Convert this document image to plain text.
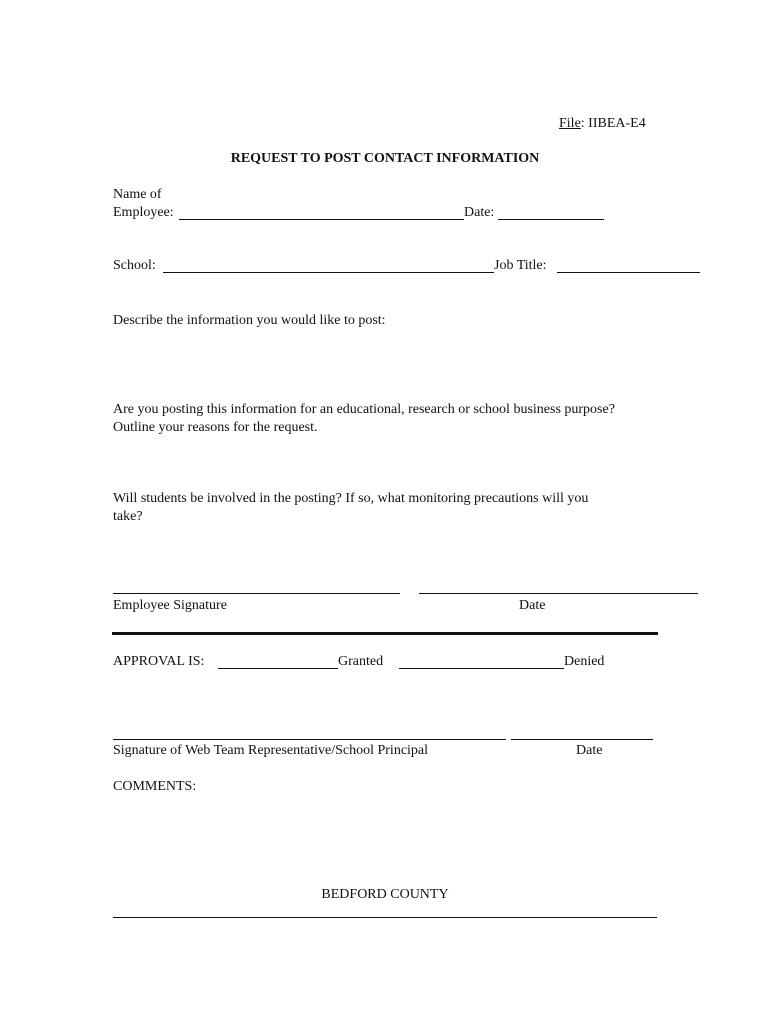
File: IIBEA-E4
REQUEST TO POST CONTACT INFORMATION
Name of
Employee:	Date:
School:	Job Title:
Describe the information you would like to post:
Are you posting this information for an educational, research or school business purpose?
Outline your reasons for the request.
Will students be involved in the posting? If so, what monitoring precautions will you
take?
Employee Signature	Date
APPROVAL IS:	Granted	Denied
Signature of Web Team Representative/School Principal	Date
COMMENTS:
BEDFORD COUNTY
